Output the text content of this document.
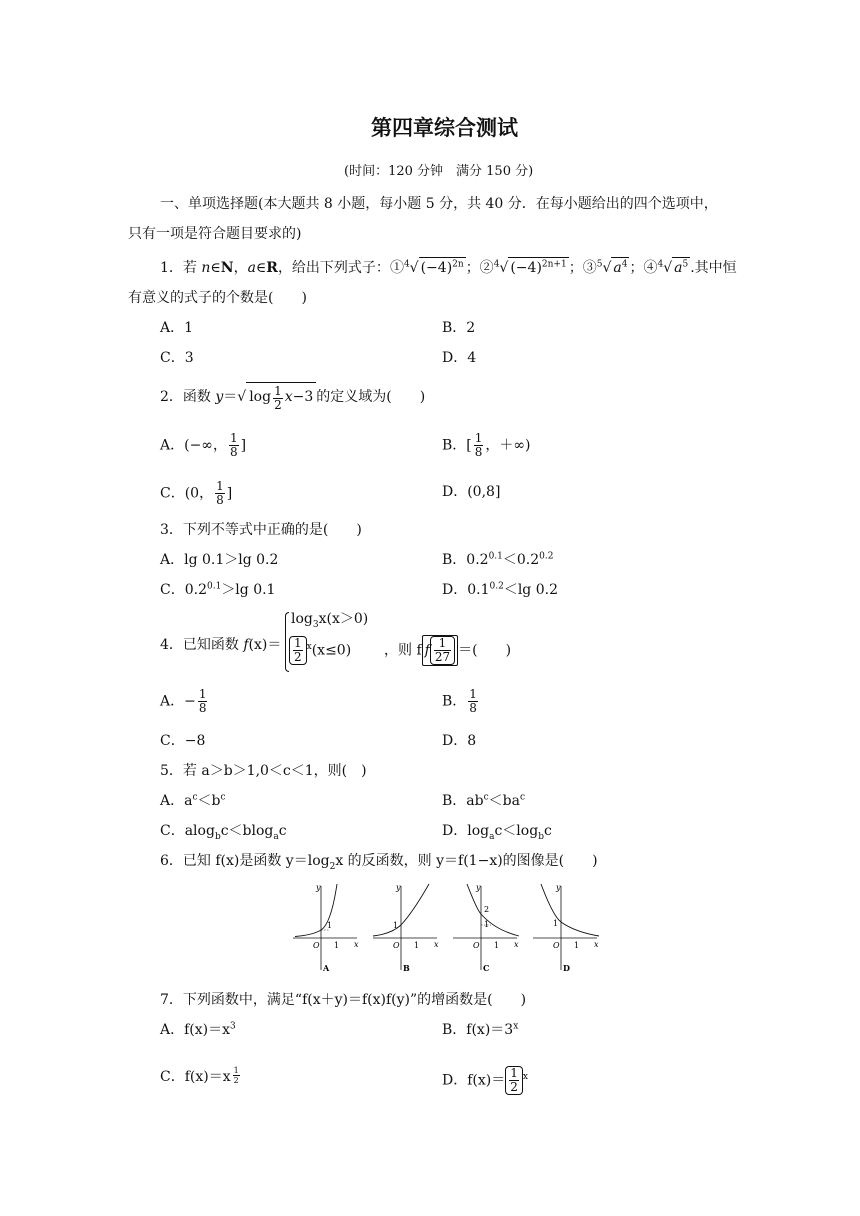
第四章综合测试
(时间：120 分钟　满分 150 分)
一、单项选择题(本大题共 8 小题，每小题 5 分，共 40 分．在每小题给出的四个选项中，
只有一项是符合题目要求的)
1．若 n∈N，a∈R，给出下列式子：①$^4$√ $(-4)^{2n}$ ；②$^4$√ $(-4)^{2n+1}$ ；③$^5$√ $a^4$ ；④$^4$√ $a^5$ .其中恒
有意义的式子的个数是(　　)
A．1	B．2
C．3	D．4
2．函数 y＝√ $\log \frac{1}{2} x-3$ 的定义域为(　　)
A．(−∞， $\frac{1}{8}$ ]	B．[ $\frac{1}{8}$ ，＋∞)
C．(0， $\frac{1}{8}$ ]	D．(0,8]
3．下列不等式中正确的是(　　)
A．lg 0.1＞lg 0.2	B．$0.2^{0.1}<0.2^{0.2}$
C．$0.2^{0.1}>\lg$ 0.1	D．$0.1^{0.2}<\lg$ 0.2
4．已知函数 f(x)＝
$\log_3x(x>0)$
$\frac{1}{2} ^x(x\le 0)$ ，则 f f $\frac{1}{27}$ ＝(　　)
A．− $\frac{1}{8}$	B． $\frac{1}{8}$
C．−8	D．8
5．若 a＞b＞1,0＜c＜1，则(　)
A．$a^c<b^c$	B．$ab^c<ba^c$
C．alog$_b$c＜blog$_a$c	D．$\log_ac<\log_bc$
6．已知 f(x)是函数 $y=\log_2x$ 的反函数，则 y＝f(1−x)的图像是(　　)
y
x
O
1
1
A
y
x
O
1
1
B
y
x
O
2
1
1
C
y
x
O
1
1
D
7．下列函数中，满足“f(x＋y)＝f(x)f(y)”的增函数是(　　)
A．$f(x)=x^3$	B．$f(x)=3^x$
C．$f(x)=x \frac{1}{2}$	D．$f(x)= \frac{1}{2} ^x$
